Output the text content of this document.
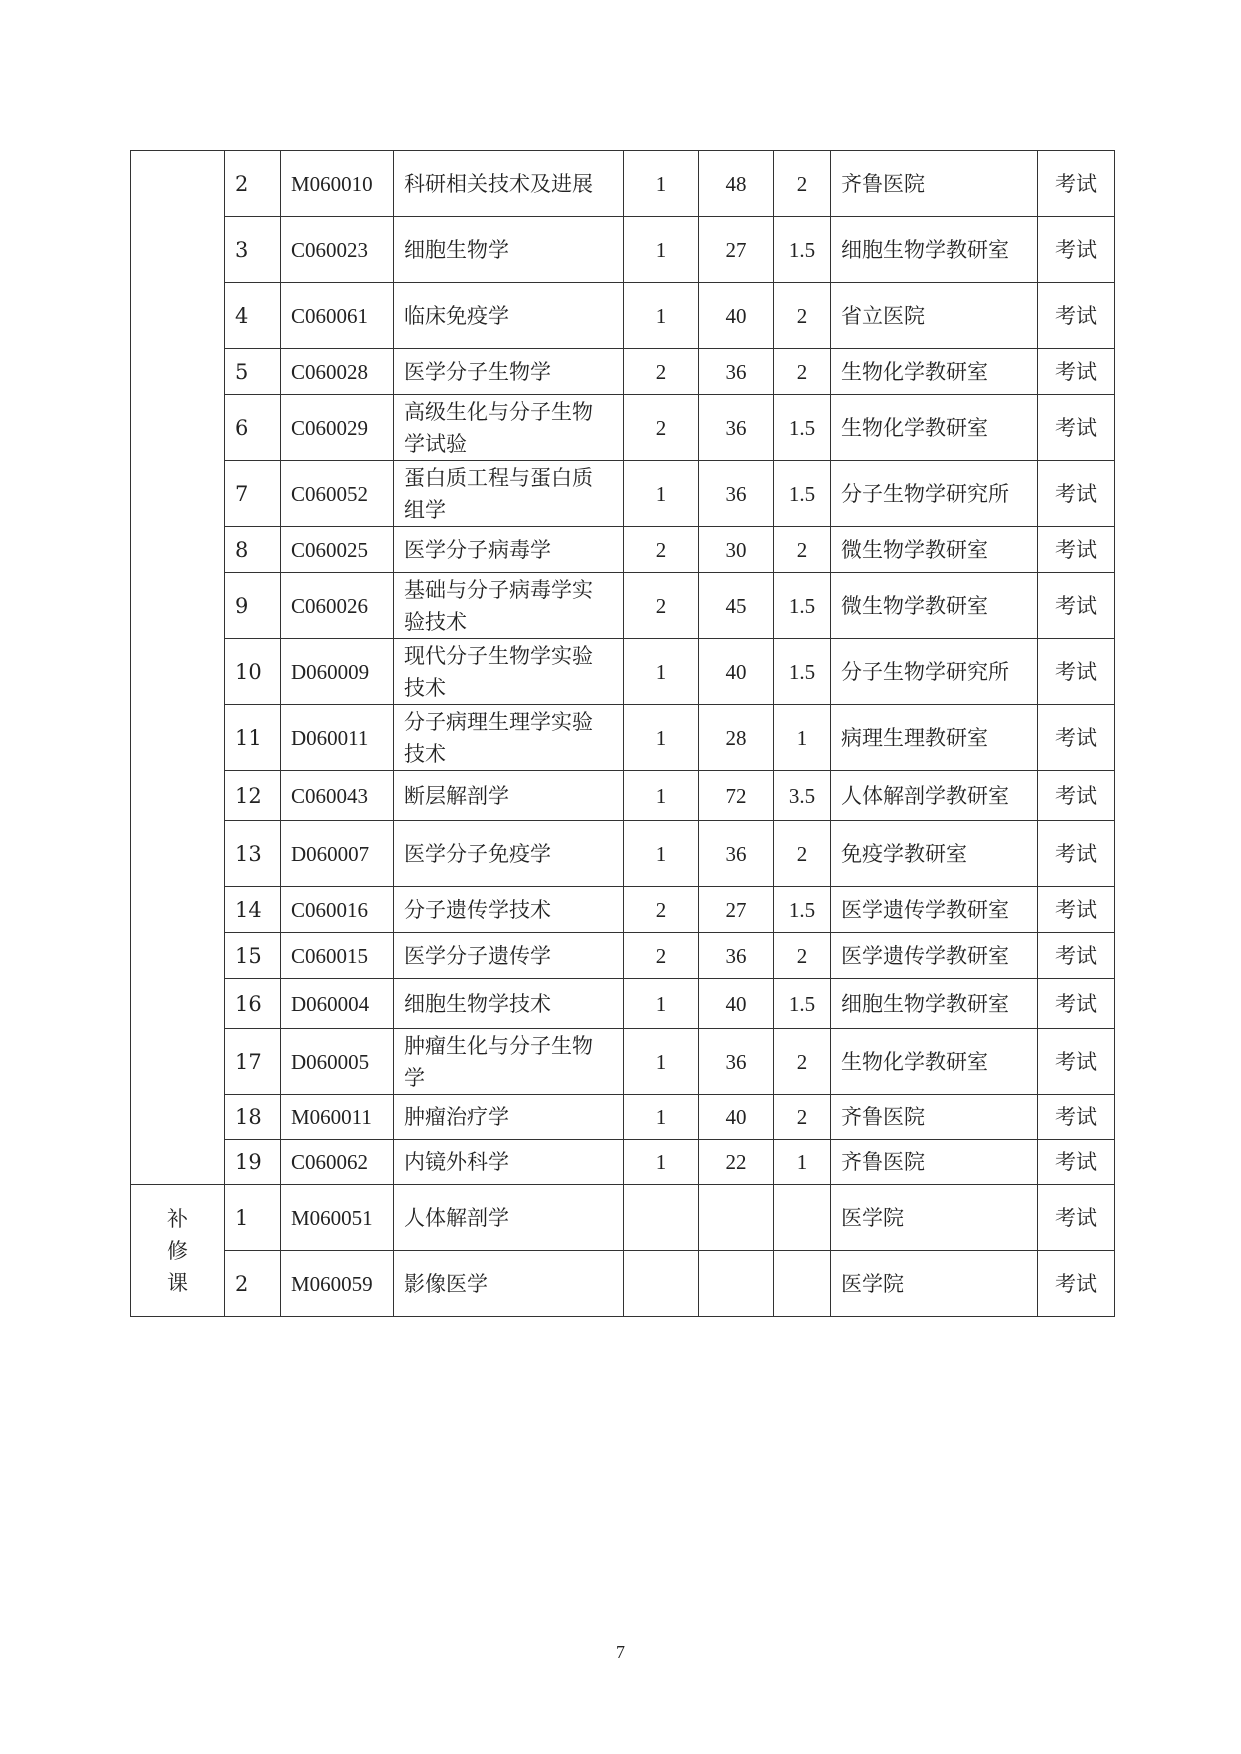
	2	M060010	科研相关技术及进展	1	48	2	齐鲁医院	考试
	3	C060023	细胞生物学	1	27	1.5	细胞生物学教研室	考试
	4	C060061	临床免疫学	1	40	2	省立医院	考试
	5	C060028	医学分子生物学	2	36	2	生物化学教研室	考试
	6	C060029	高级生化与分子生物学试验	2	36	1.5	生物化学教研室	考试
	7	C060052	蛋白质工程与蛋白质组学	1	36	1.5	分子生物学研究所	考试
	8	C060025	医学分子病毒学	2	30	2	微生物学教研室	考试
	9	C060026	基础与分子病毒学实验技术	2	45	1.5	微生物学教研室	考试
	10	D060009	现代分子生物学实验技术	1	40	1.5	分子生物学研究所	考试
	11	D060011	分子病理生理学实验技术	1	28	1	病理生理教研室	考试
	12	C060043	断层解剖学	1	72	3.5	人体解剖学教研室	考试
	13	D060007	医学分子免疫学	1	36	2	免疫学教研室	考试
	14	C060016	分子遗传学技术	2	27	1.5	医学遗传学教研室	考试
	15	C060015	医学分子遗传学	2	36	2	医学遗传学教研室	考试
	16	D060004	细胞生物学技术	1	40	1.5	细胞生物学教研室	考试
	17	D060005	肿瘤生化与分子生物学	1	36	2	生物化学教研室	考试
	18	M060011	肿瘤治疗学	1	40	2	齐鲁医院	考试
	19	C060062	内镜外科学	1	22	1	齐鲁医院	考试
补修课	1	M060051	人体解剖学				医学院	考试
	2	M060059	影像医学				医学院	考试
7
